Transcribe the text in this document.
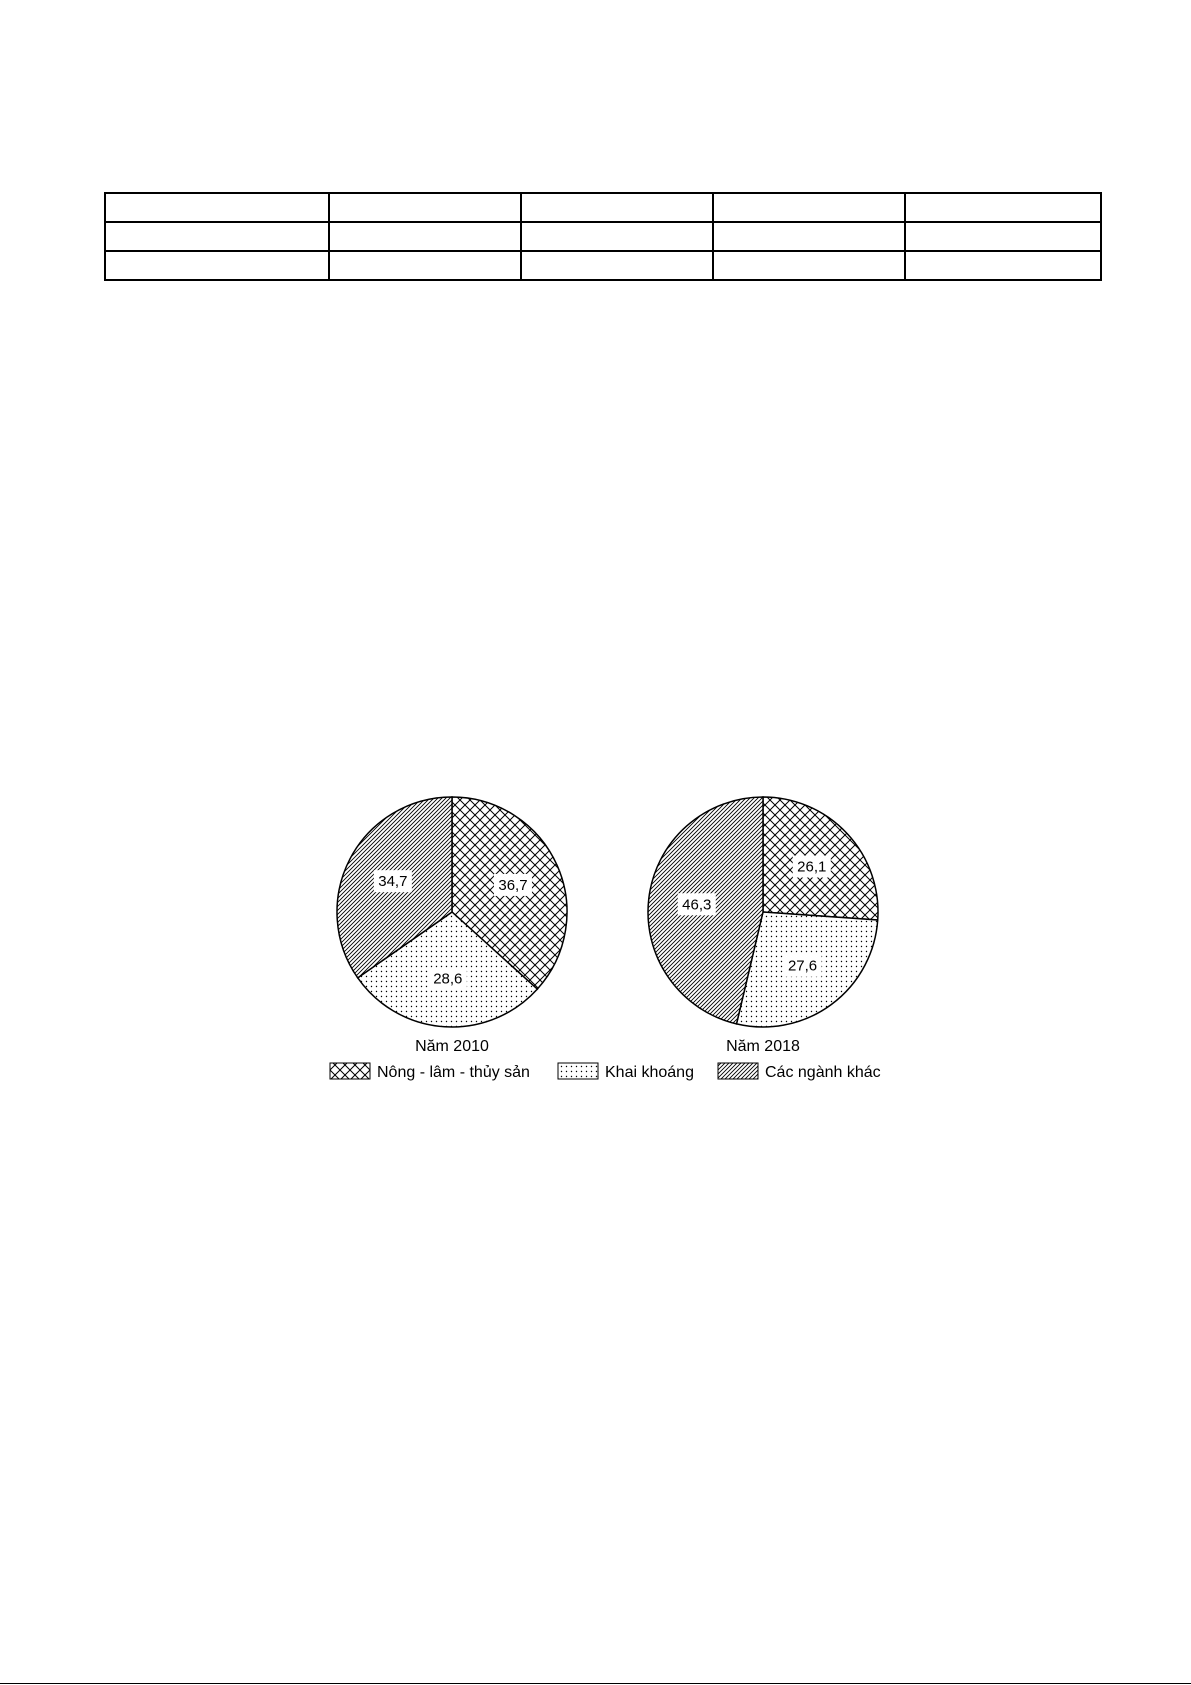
36,7
28,6
34,7
Năm 2010
26,1
27,6
46,3
Năm 2018
Nông - lâm - thủy sản	Khai khoáng	Các ngành khác
